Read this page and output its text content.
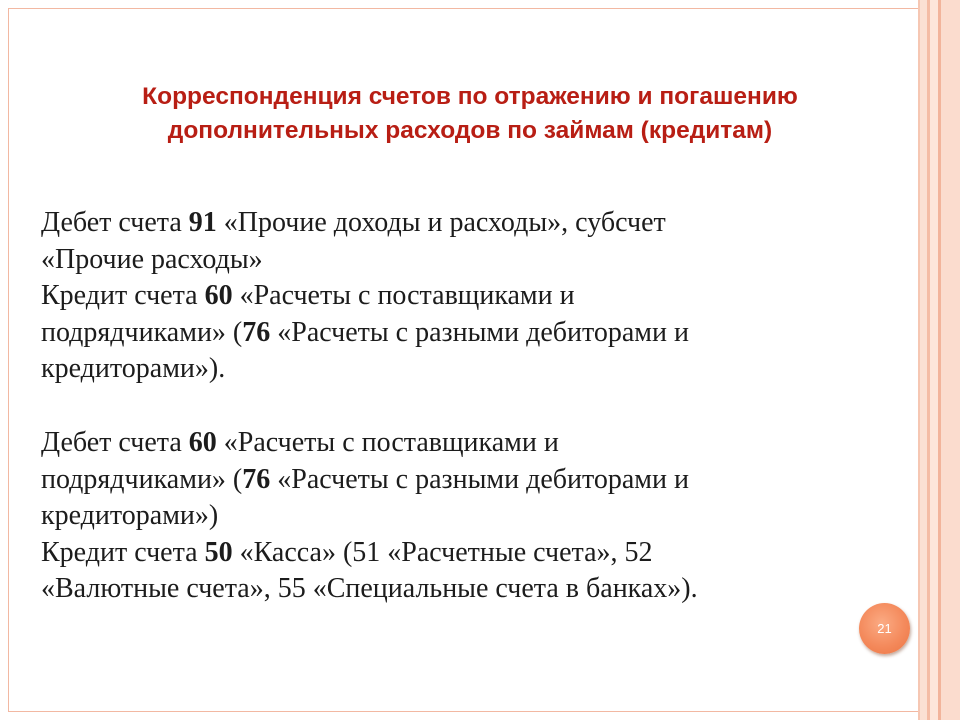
Корреспонденция счетов по отражению и погашению
дополнительных расходов по займам (кредитам)
Дебет счета 91 «Прочие доходы и расходы», субсчет
«Прочие расходы»
Кредит счета 60 «Расчеты с поставщиками и
подрядчиками» (76 «Расчеты с разными дебиторами и
кредиторами»).
Дебет счета 60 «Расчеты с поставщиками и
подрядчиками» (76 «Расчеты с разными дебиторами и
кредиторами»)
Кредит счета 50 «Касса» (51 «Расчетные счета», 52
«Валютные счета», 55 «Специальные счета в банках»).
21
